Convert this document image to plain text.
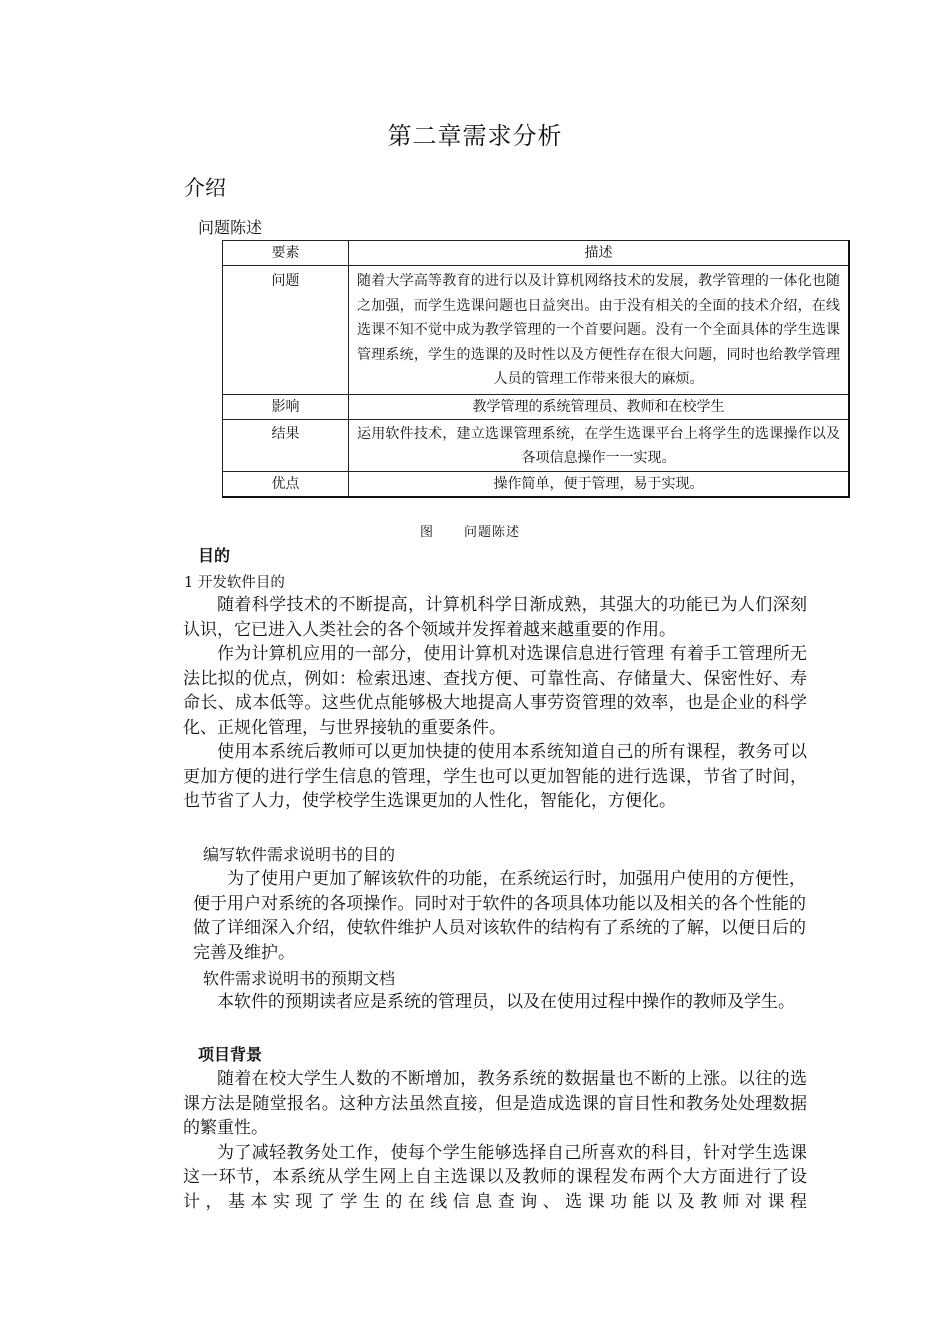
第二章需求分析
介绍
问题陈述
要素	描述
问题	随着大学高等教育的进行以及计算机网络技术的发展，教学管理的一体化也随之加强，而学生选课问题也日益突出。由于没有相关的全面的技术介绍，在线选课不知不觉中成为教学管理的一个首要问题。没有一个全面具体的学生选课管理系统，学生的选课的及时性以及方便性存在很大问题，同时也给教学管理人员的管理工作带来很大的麻烦。
影响	教学管理的系统管理员、教师和在校学生
结果	运用软件技术，建立选课管理系统，在学生选课平台上将学生的选课操作以及各项信息操作一一实现。
优点	操作简单，便于管理，易于实现。
图 问题陈述
目的
1 开发软件目的

随着科学技术的不断提高，计算机科学日渐成熟，其强大的功能已为人们深刻认识，它已进入人类社会的各个领域并发挥着越来越重要的作用。

作为计算机应用的一部分，使用计算机对选课信息进行管理 有着手工管理所无法比拟的优点，例如：检索迅速、查找方便、可靠性高、存储量大、保密性好、寿命长、成本低等。这些优点能够极大地提高人事劳资管理的效率，也是企业的科学化、正规化管理，与世界接轨的重要条件。

使用本系统后教师可以更加快捷的使用本系统知道自己的所有课程，教务可以更加方便的进行学生信息的管理，学生也可以更加智能的进行选课，节省了时间，也节省了人力，使学校学生选课更加的人性化，智能化，方便化。

编写软件需求说明书的目的

为了使用户更加了解该软件的功能，在系统运行时，加强用户使用的方便性，便于用户对系统的各项操作。同时对于软件的各项具体功能以及相关的各个性能的做了详细深入介绍，使软件维护人员对该软件的结构有了系统的了解，以便日后的完善及维护。

软件需求说明书的预期文档

本软件的预期读者应是系统的管理员，以及在使用过程中操作的教师及学生。

项目背景

随着在校大学生人数的不断增加，教务系统的数据量也不断的上涨。以往的选课方法是随堂报名。这种方法虽然直接，但是造成选课的盲目性和教务处处理数据的繁重性。

为了减轻教务处工作，使每个学生能够选择自己所喜欢的科目，针对学生选课这一环节，本系统从学生网上自主选课以及教师的课程发布两个大方面进行了设计，基本实现了学生的在线信息查询、选课功能以及教师对课程
